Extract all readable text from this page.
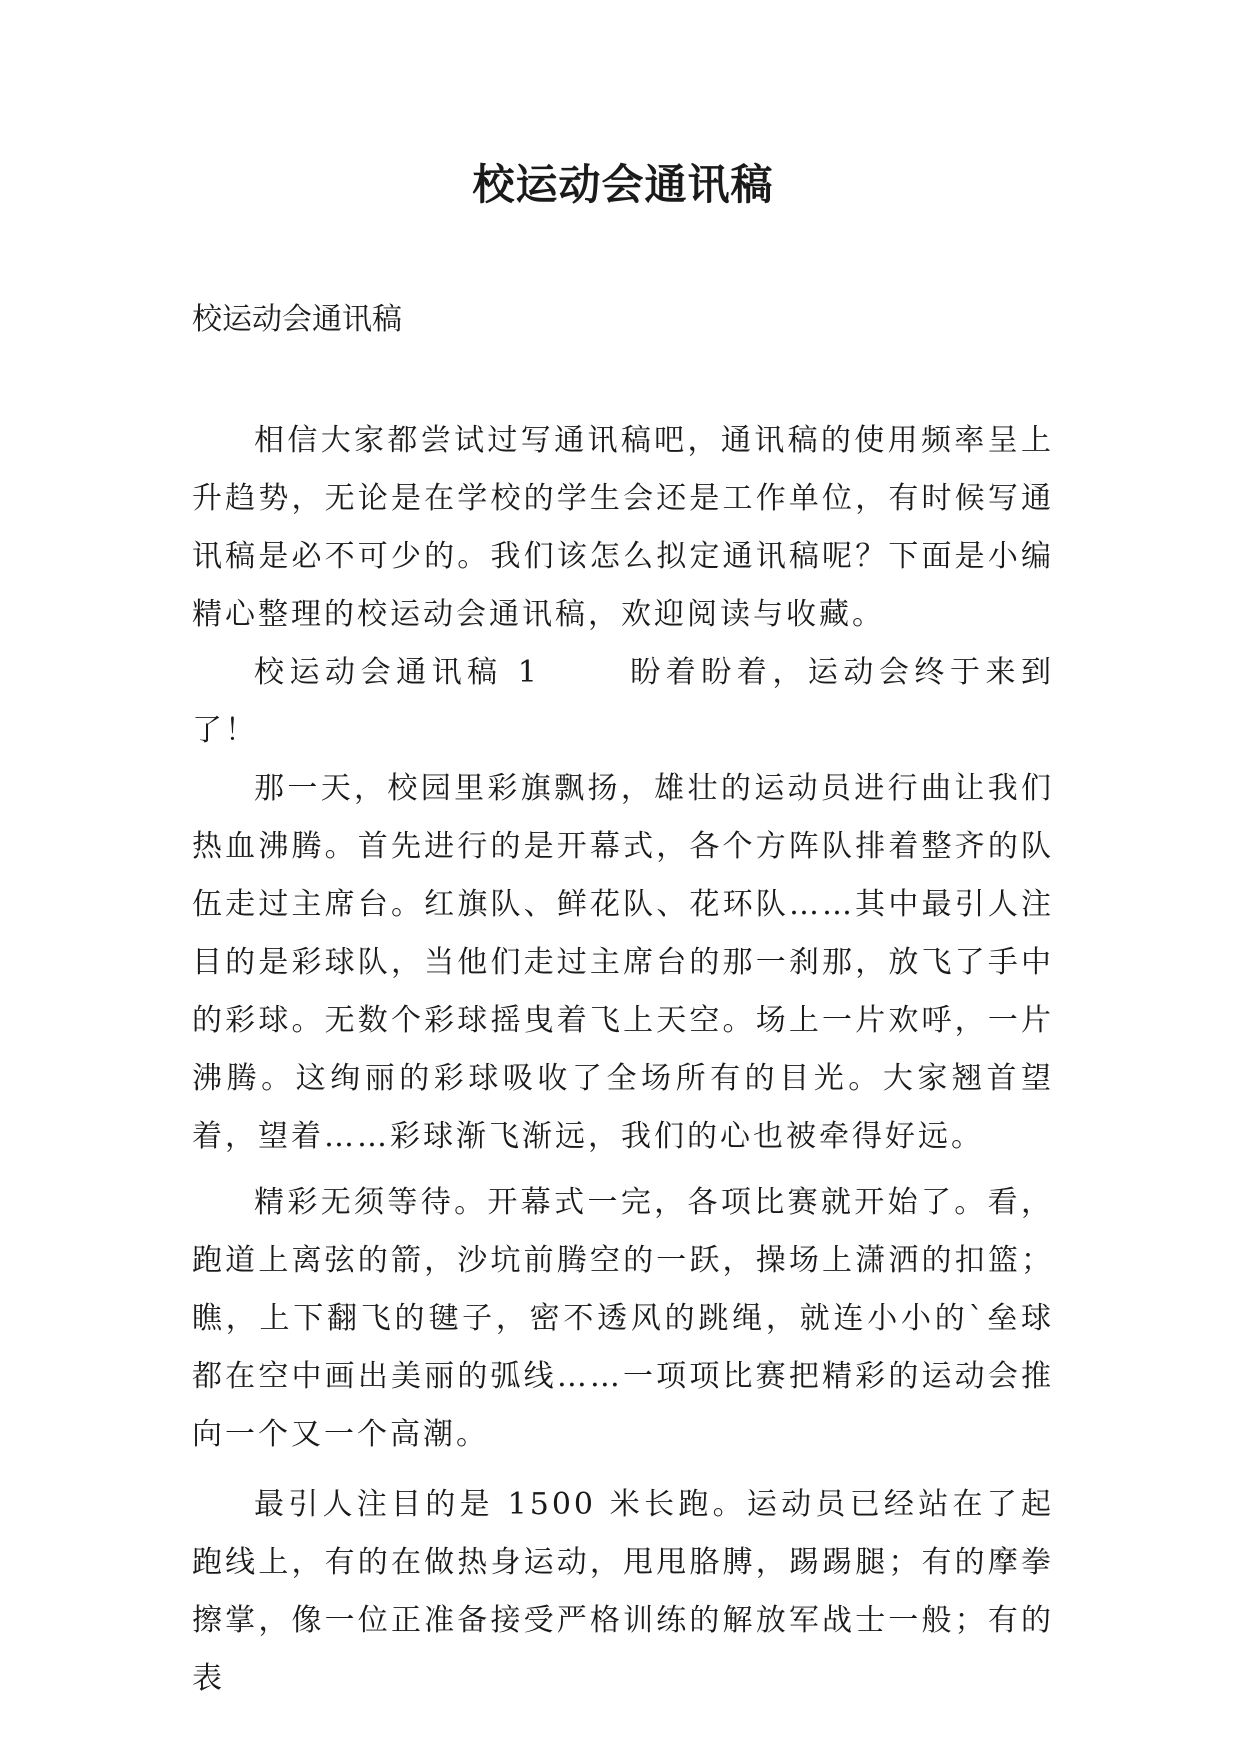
校运动会通讯稿

校运动会通讯稿

相信大家都尝试过写通讯稿吧，通讯稿的使用频率呈上升趋势，无论是在学校的学生会还是工作单位，有时候写通讯稿是必不可少的。我们该怎么拟定通讯稿呢？下面是小编精心整理的校运动会通讯稿，欢迎阅读与收藏。

校运动会通讯稿 1	盼着盼着，运动会终于来到了！

那一天，校园里彩旗飘扬，雄壮的运动员进行曲让我们热血沸腾。首先进行的是开幕式，各个方阵队排着整齐的队伍走过主席台。红旗队、鲜花队、花环队……其中最引人注目的是彩球队，当他们走过主席台的那一刹那，放飞了手中的彩球。无数个彩球摇曳着飞上天空。场上一片欢呼，一片沸腾。这绚丽的彩球吸收了全场所有的目光。大家翘首望着，望着……彩球渐飞渐远，我们的心也被牵得好远。

精彩无须等待。开幕式一完，各项比赛就开始了。看，跑道上离弦的箭，沙坑前腾空的一跃，操场上潇洒的扣篮；瞧，上下翻飞的毽子，密不透风的跳绳，就连小小的`垒球都在空中画出美丽的弧线……一项项比赛把精彩的运动会推向一个又一个高潮。

最引人注目的是 1500 米长跑。运动员已经站在了起跑线上，有的在做热身运动，甩甩胳膊，踢踢腿；有的摩拳擦掌，像一位正准备接受严格训练的解放军战士一般；有的表
